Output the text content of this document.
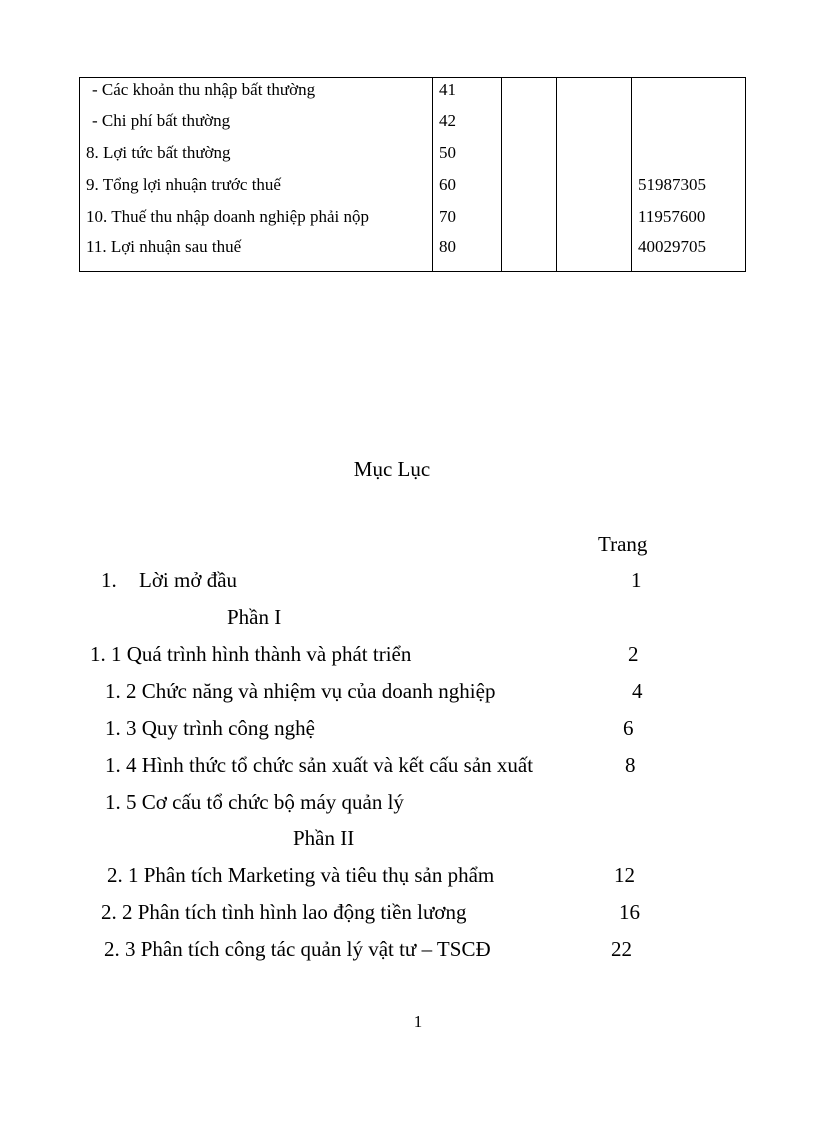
- Các khoản thu nhập bất thường	41			
- Chi phí bất thường	42			
8. Lợi tức bất thường	50			
9. Tổng lợi nhuận trước thuế	60			51987305
10. Thuế thu nhập doanh nghiệp phải nộp	70			11957600
11. Lợi nhuận sau thuế	80			40029705
Mục Lục
Trang
1. Lời mở đầu	1
Phần I
1. 1 Quá trình hình thành và phát triển	2
1. 2 Chức năng và nhiệm vụ của doanh nghiệp	4
1. 3 Quy trình công nghệ	6
1. 4 Hình thức tổ chức sản xuất và kết cấu sản xuất	8
1. 5 Cơ cấu tổ chức bộ máy quản lý
Phần II
2. 1 Phân tích Marketing và tiêu thụ sản phẩm	12
2. 2 Phân tích tình hình lao động tiền lương	16
2. 3 Phân tích công tác quản lý vật tư – TSCĐ	22
1
